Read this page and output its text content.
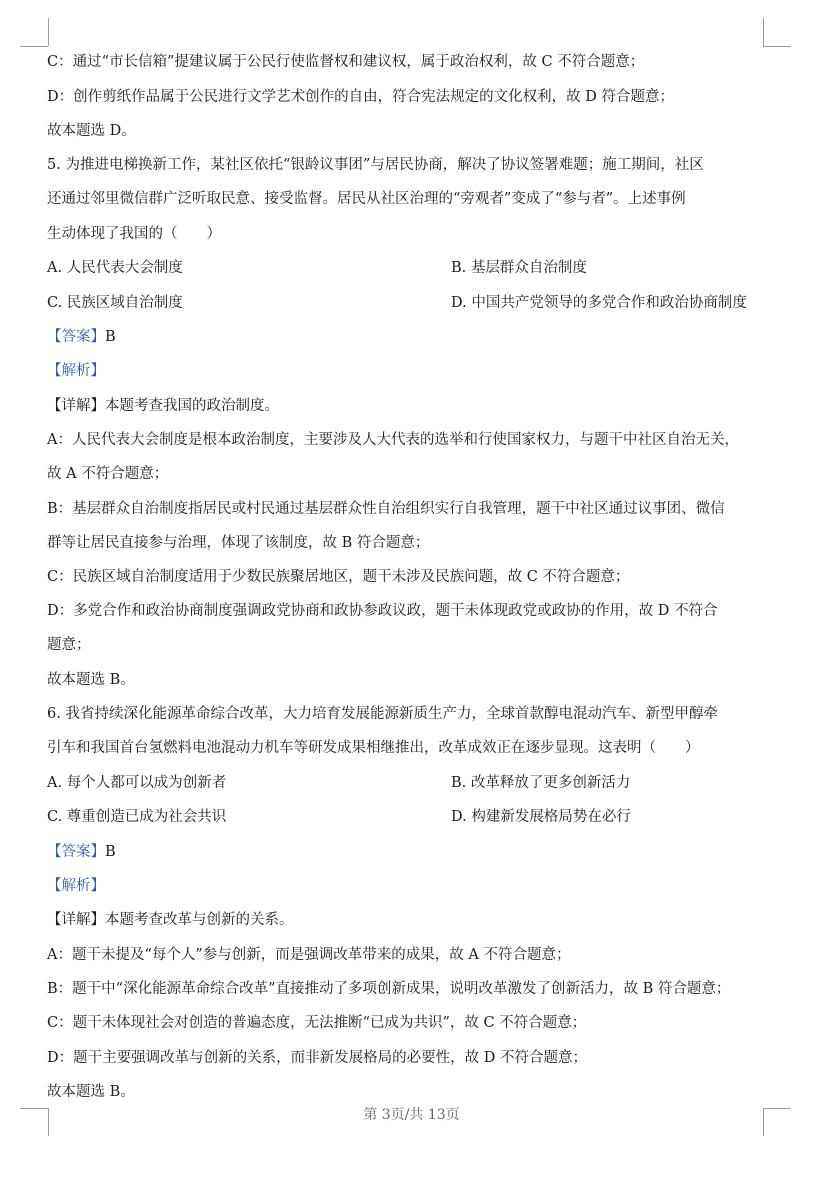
C：通过“市长信箱”提建议属于公民行使监督权和建议权，属于政治权利，故 C 不符合题意；
D：创作剪纸作品属于公民进行文学艺术创作的自由，符合宪法规定的文化权利，故 D 符合题意；
故本题选 D。
5. 为推进电梯换新工作，某社区依托“银龄议事团”与居民协商，解决了协议签署难题；施工期间，社区
还通过邻里微信群广泛听取民意、接受监督。居民从社区治理的“旁观者”变成了“参与者”。上述事例
生动体现了我国的（　　）
A. 人民代表大会制度	B. 基层群众自治制度
C. 民族区域自治制度	D. 中国共产党领导的多党合作和政治协商制度
【答案】B
【解析】
【详解】本题考查我国的政治制度。
A：人民代表大会制度是根本政治制度，主要涉及人大代表的选举和行使国家权力，与题干中社区自治无关，
故 A 不符合题意；
B：基层群众自治制度指居民或村民通过基层群众性自治组织实行自我管理，题干中社区通过议事团、微信
群等让居民直接参与治理，体现了该制度，故 B 符合题意；
C：民族区域自治制度适用于少数民族聚居地区，题干未涉及民族问题，故 C 不符合题意；
D：多党合作和政治协商制度强调政党协商和政协参政议政，题干未体现政党或政协的作用，故 D 不符合
题意；
故本题选 B。
6. 我省持续深化能源革命综合改革，大力培育发展能源新质生产力，全球首款醇电混动汽车、新型甲醇牵
引车和我国首台氢燃料电池混动力机车等研发成果相继推出，改革成效正在逐步显现。这表明（　　）
A. 每个人都可以成为创新者	B. 改革释放了更多创新活力
C. 尊重创造已成为社会共识	D. 构建新发展格局势在必行
【答案】B
【解析】
【详解】本题考查改革与创新的关系。
A：题干未提及“每个人”参与创新，而是强调改革带来的成果，故 A 不符合题意；
B：题干中“深化能源革命综合改革”直接推动了多项创新成果，说明改革激发了创新活力，故 B 符合题意；
C：题干未体现社会对创造的普遍态度，无法推断“已成为共识”，故 C 不符合题意；
D：题干主要强调改革与创新的关系，而非新发展格局的必要性，故 D 不符合题意；
故本题选 B。
第 3页/共 13页
